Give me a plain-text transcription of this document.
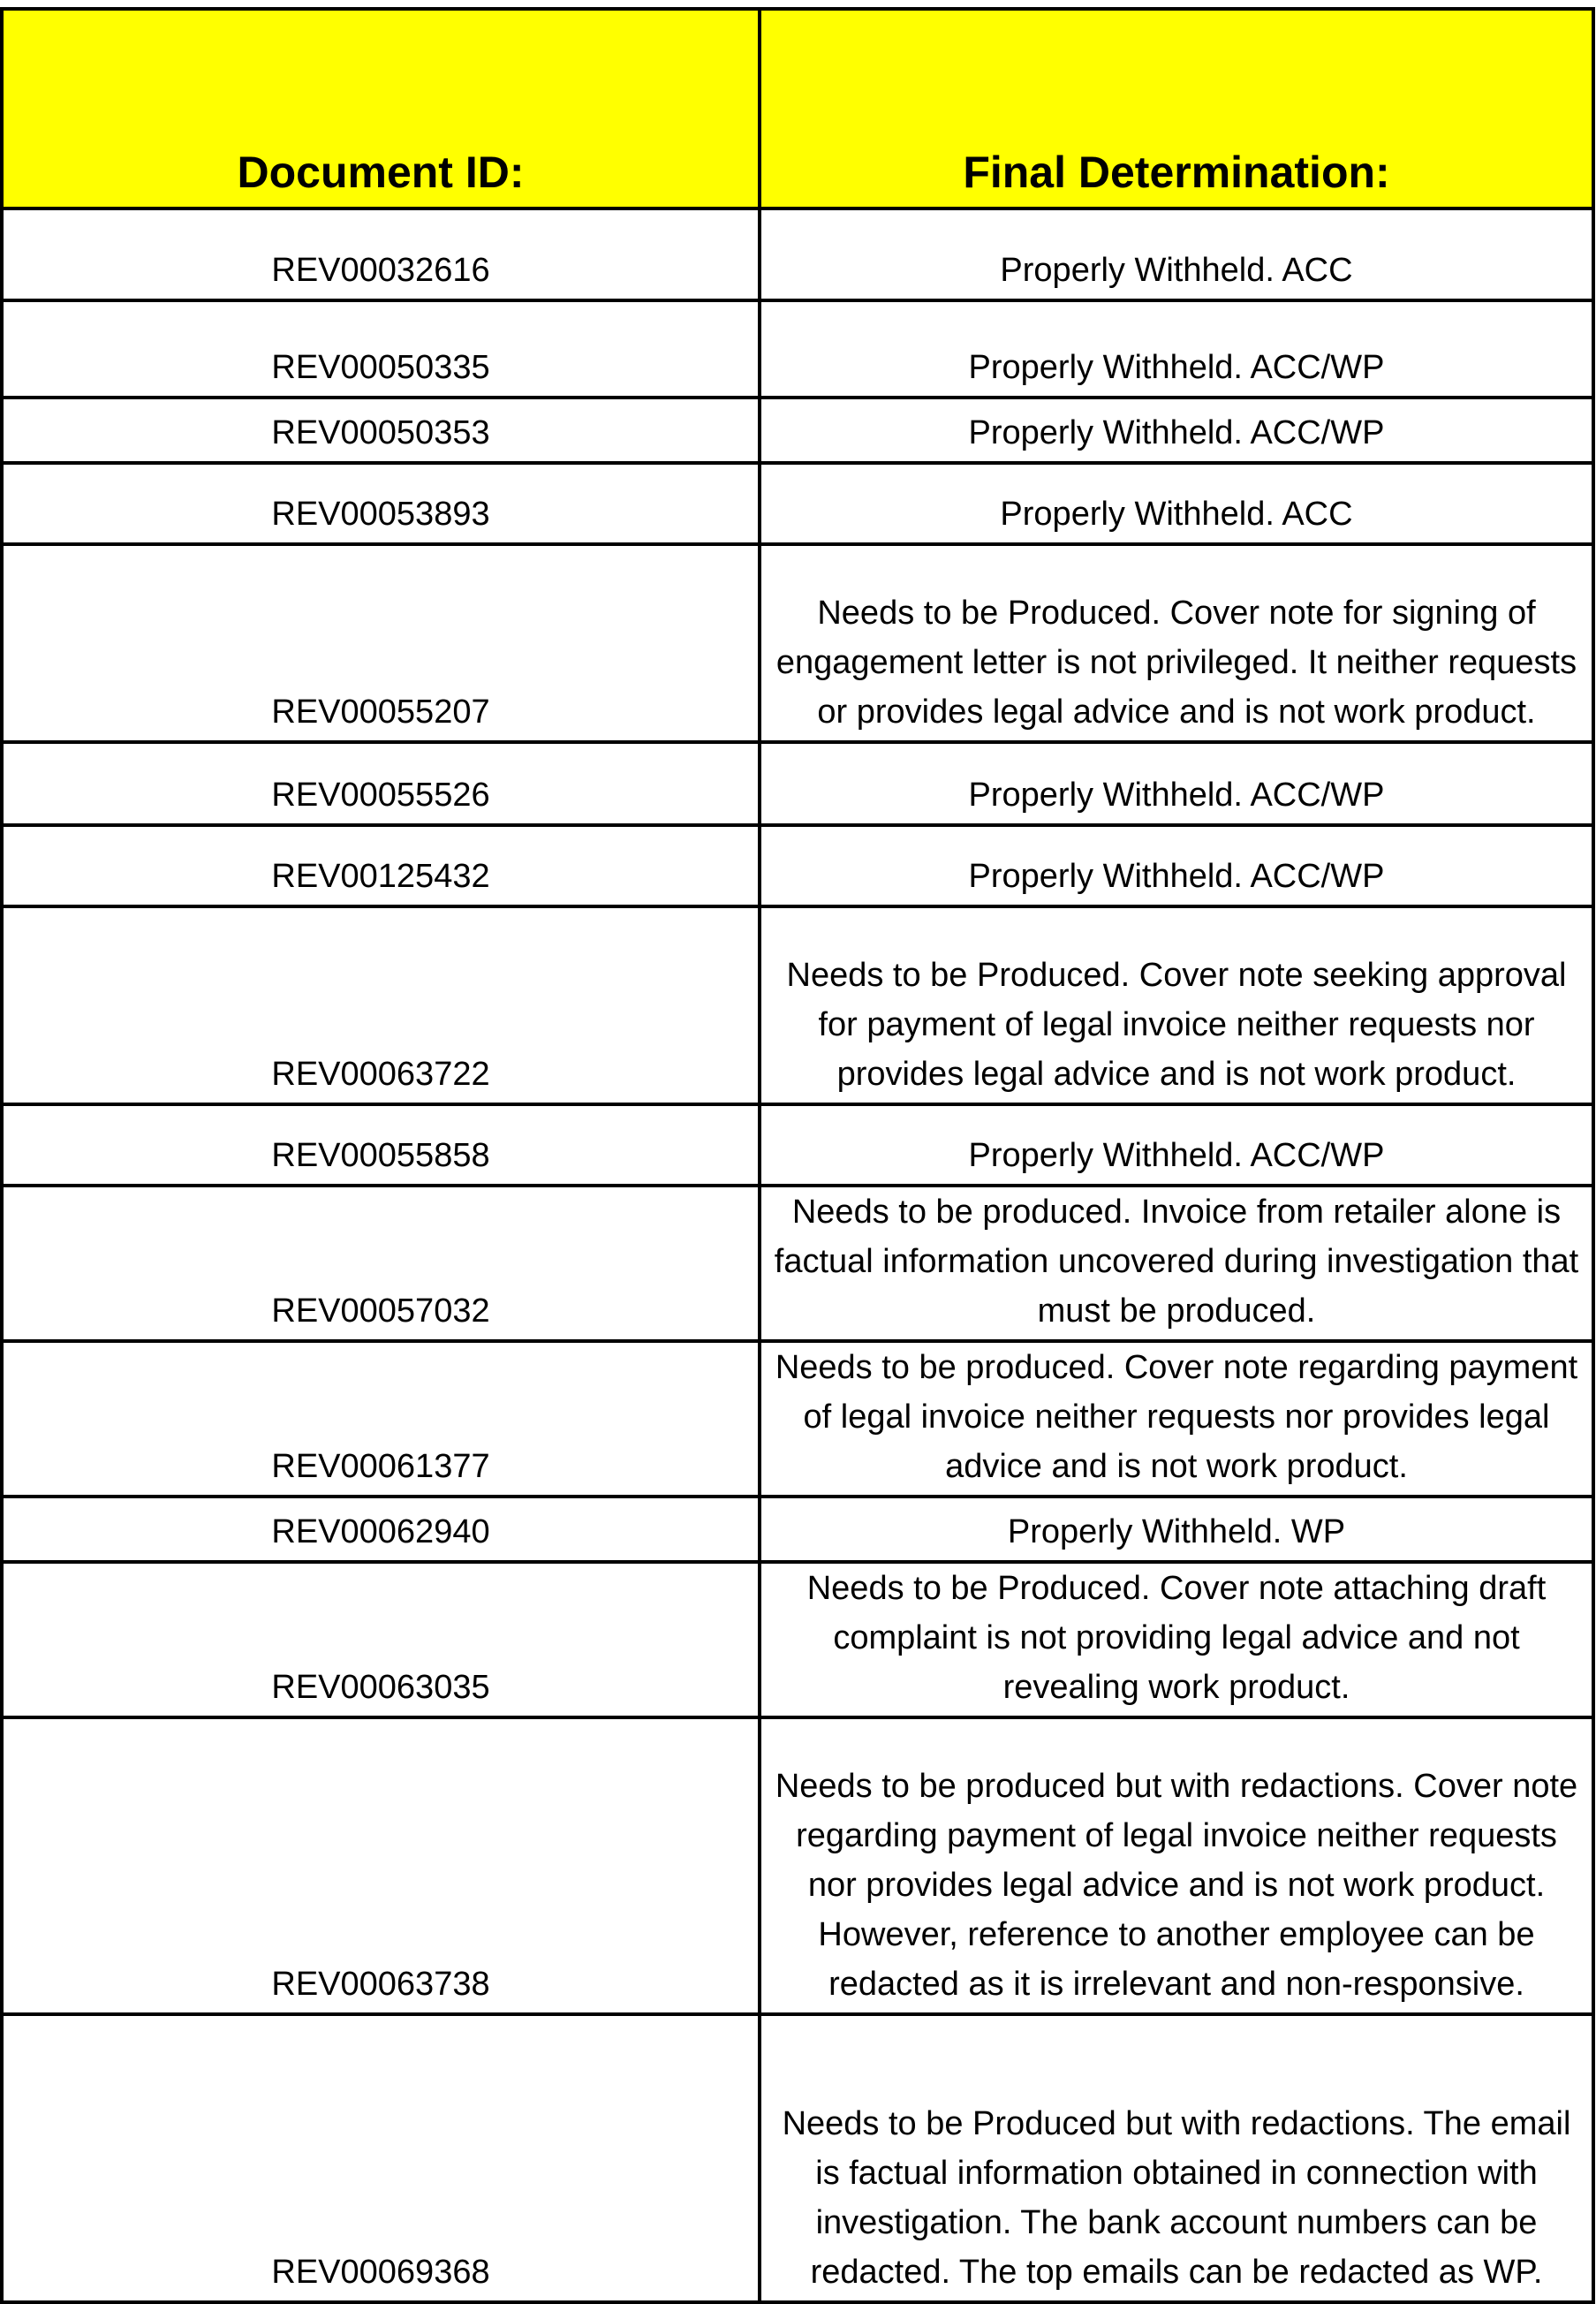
Document ID:	Final Determination:
REV00032616	Properly Withheld. ACC
REV00050335	Properly Withheld. ACC/WP
REV00050353	Properly Withheld. ACC/WP
REV00053893	Properly Withheld. ACC
REV00055207	Needs to be Produced. Cover note for signing of engagement letter is not privileged. It neither requests or provides legal advice and is not work product.
REV00055526	Properly Withheld. ACC/WP
REV00125432	Properly Withheld. ACC/WP
REV00063722	Needs to be Produced. Cover note seeking approval for payment of legal invoice neither requests nor provides legal advice and is not work product.
REV00055858	Properly Withheld. ACC/WP
REV00057032	Needs to be produced. Invoice from retailer alone is factual information uncovered during investigation that must be produced.
REV00061377	Needs to be produced. Cover note regarding payment of legal invoice neither requests nor provides legal advice and is not work product.
REV00062940	Properly Withheld. WP
REV00063035	Needs to be Produced. Cover note attaching draft complaint is not providing legal advice and not revealing work product.
REV00063738	Needs to be produced but with redactions. Cover note regarding payment of legal invoice neither requests nor provides legal advice and is not work product. However, reference to another employee can be redacted as it is irrelevant and non-responsive.
REV00069368	Needs to be Produced but with redactions. The email is factual information obtained in connection with investigation. The bank account numbers can be redacted. The top emails can be redacted as WP.
